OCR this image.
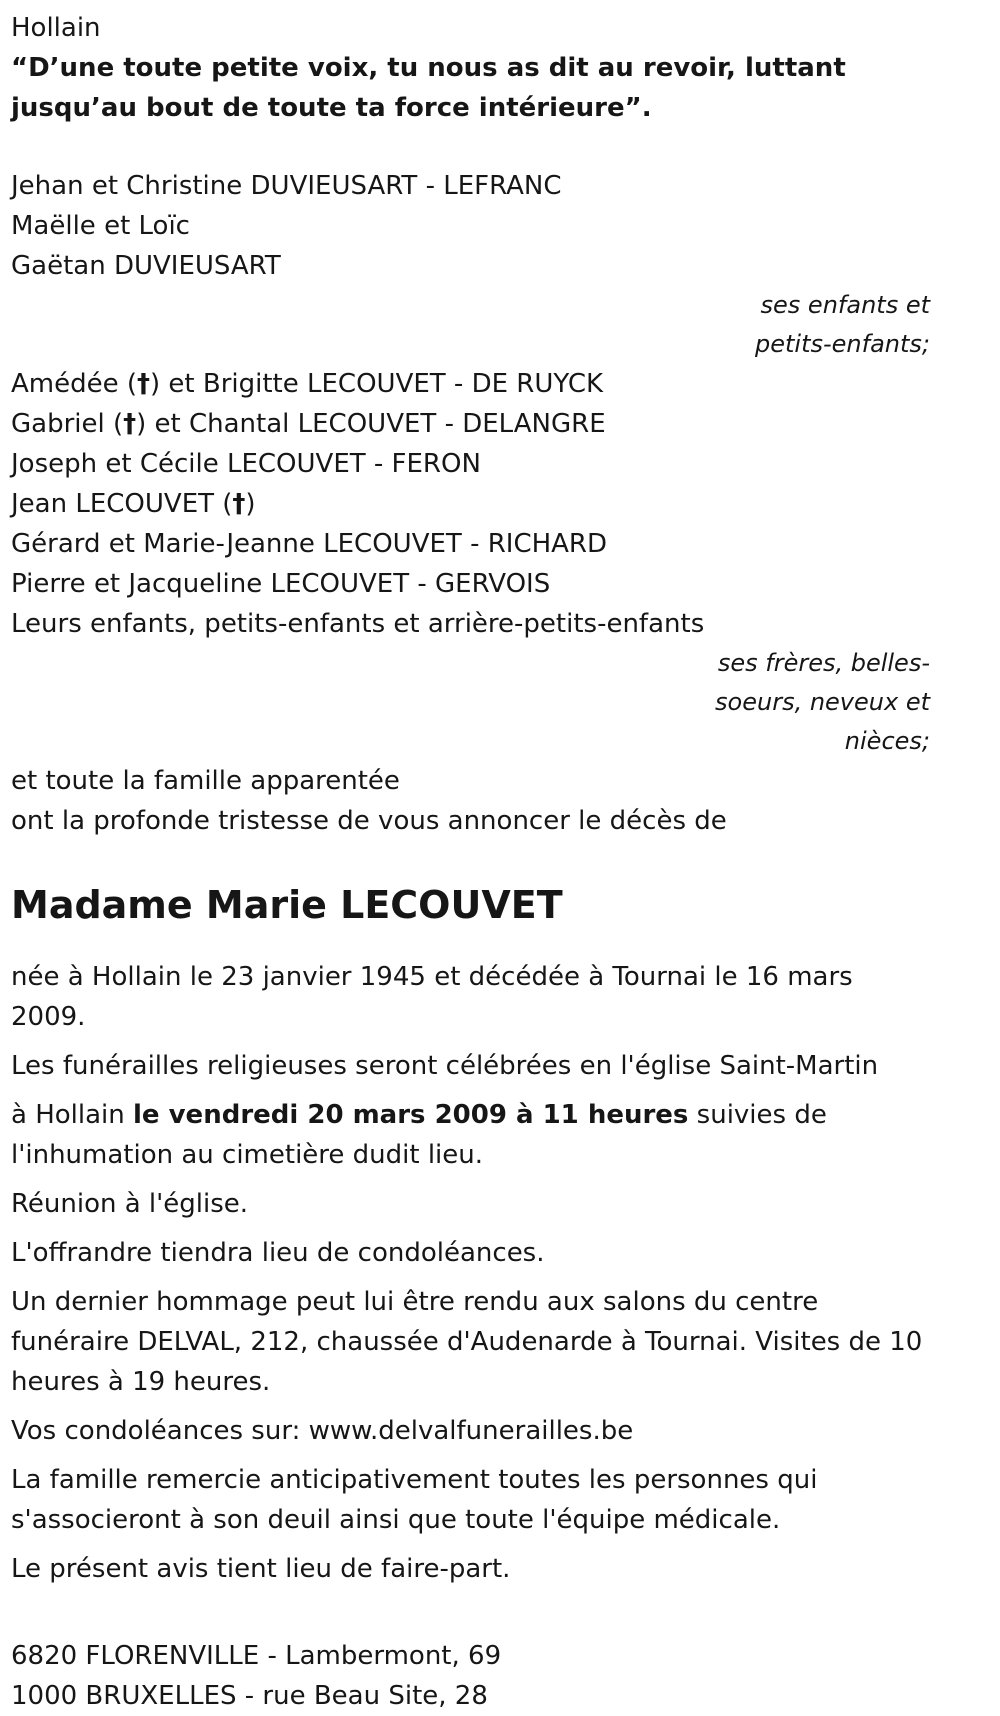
Hollain
“D’une toute petite voix, tu nous as dit au revoir, luttant jusqu’au bout de toute ta force intérieure”.
Jehan et Christine DUVIEUSART - LEFRANC
Maëlle et Loïc
Gaëtan DUVIEUSART
ses enfants et
petits-enfants;
Amédée (†) et Brigitte LECOUVET - DE RUYCK
Gabriel (†) et Chantal LECOUVET - DELANGRE
Joseph et Cécile LECOUVET - FERON
Jean LECOUVET (†)
Gérard et Marie-Jeanne LECOUVET - RICHARD
Pierre et Jacqueline LECOUVET - GERVOIS
Leurs enfants, petits-enfants et arrière-petits-enfants
ses frères, belles-
soeurs, neveux et
nièces;
et toute la famille apparentée
ont la profonde tristesse de vous annoncer le décès de
Madame Marie LECOUVET
née à Hollain le 23 janvier 1945 et décédée à Tournai le 16 mars 2009.
Les funérailles religieuses seront célébrées en l'église Saint-Martin
à Hollain le vendredi 20 mars 2009 à 11 heures suivies de l'inhumation au cimetière dudit lieu.
Réunion à l'église.
L'offrandre tiendra lieu de condoléances.
Un dernier hommage peut lui être rendu aux salons du centre funéraire DELVAL, 212, chaussée d'Audenarde à Tournai. Visites de 10 heures à 19 heures.
Vos condoléances sur: www.delvalfunerailles.be
La famille remercie anticipativement toutes les personnes qui s'associeront à son deuil ainsi que toute l'équipe médicale.
Le présent avis tient lieu de faire-part.
6820 FLORENVILLE - Lambermont, 69
1000 BRUXELLES - rue Beau Site, 28
